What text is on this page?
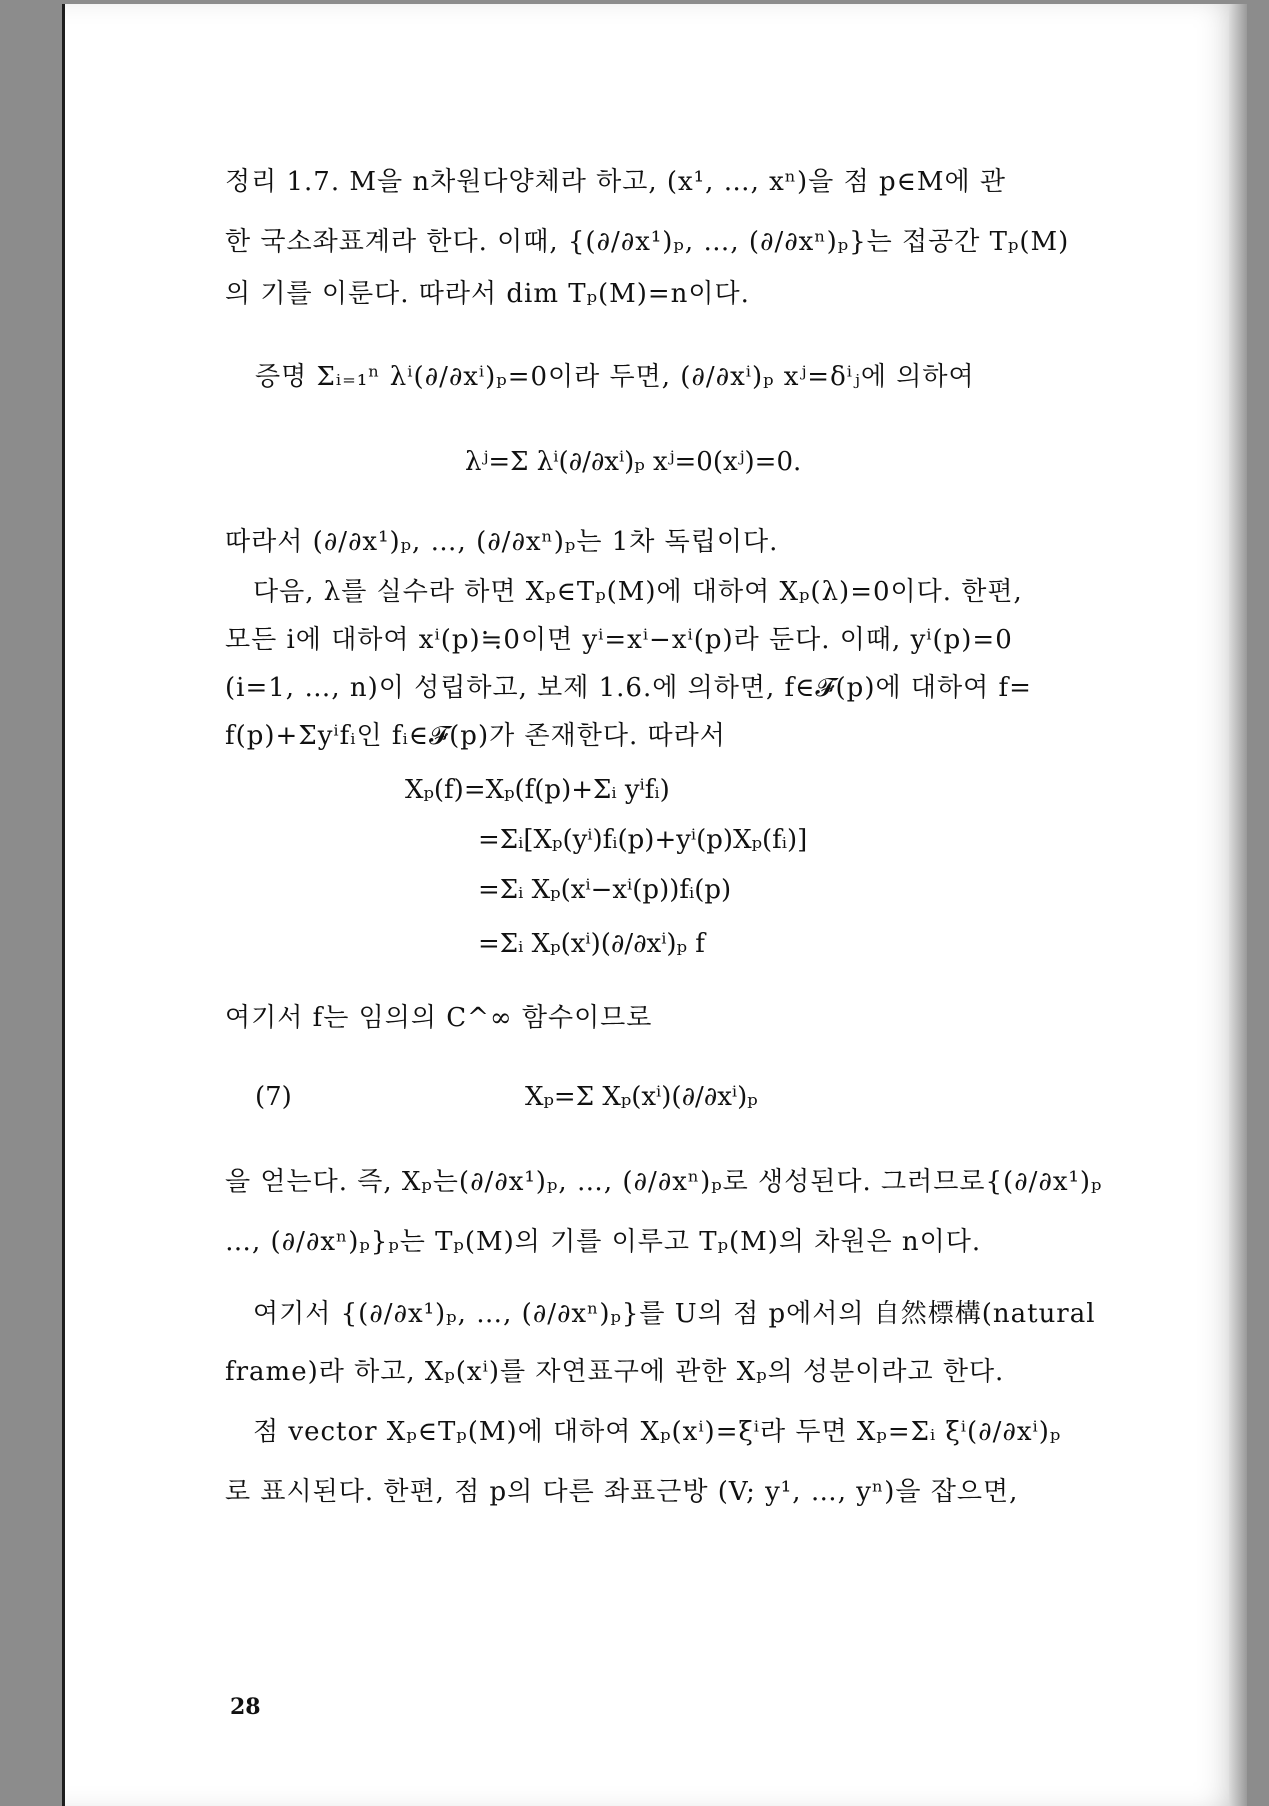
정리 1.7. M을 n차원다양체라 하고, (x¹, …, xⁿ)을 점 p∈M에 관
한 국소좌표계라 한다. 이때, {(∂/∂x¹)ₚ, …, (∂/∂xⁿ)ₚ}는 접공간 Tₚ(M)
의 기를 이룬다. 따라서 dim Tₚ(M)=n이다.
증명 Σᵢ₌₁ⁿ λⁱ(∂/∂xⁱ)ₚ=0이라 두면, (∂/∂xⁱ)ₚ xʲ=δⁱⱼ에 의하여
λʲ=Σ λⁱ(∂/∂xⁱ)ₚ xʲ=0(xʲ)=0.
따라서 (∂/∂x¹)ₚ, …, (∂/∂xⁿ)ₚ는 1차 독립이다.
다음, λ를 실수라 하면 Xₚ∈Tₚ(M)에 대하여 Xₚ(λ)=0이다. 한편,
모든 i에 대하여 xⁱ(p)≒0이면 yⁱ=xⁱ−xⁱ(p)라 둔다. 이때, yⁱ(p)=0
(i=1, …, n)이 성립하고, 보제 1.6.에 의하면, f∈𝓕(p)에 대하여 f=
f(p)+Σyⁱfᵢ인 fᵢ∈𝓕(p)가 존재한다. 따라서
Xₚ(f)=Xₚ(f(p)+Σᵢ yⁱfᵢ)
=Σᵢ[Xₚ(yⁱ)fᵢ(p)+yⁱ(p)Xₚ(fᵢ)]
=Σᵢ Xₚ(xⁱ−xⁱ(p))fᵢ(p)
=Σᵢ Xₚ(xⁱ)(∂/∂xⁱ)ₚ f
여기서 f는 임의의 C^∞ 함수이므로
(7)	Xₚ=Σ Xₚ(xⁱ)(∂/∂xⁱ)ₚ
을 얻는다. 즉, Xₚ는(∂/∂x¹)ₚ, …, (∂/∂xⁿ)ₚ로 생성된다. 그러므로{(∂/∂x¹)ₚ
…, (∂/∂xⁿ)ₚ}ₚ는 Tₚ(M)의 기를 이루고 Tₚ(M)의 차원은 n이다.
여기서 {(∂/∂x¹)ₚ, …, (∂/∂xⁿ)ₚ}를 U의 점 p에서의 自然標構(natural
frame)라 하고, Xₚ(xⁱ)를 자연표구에 관한 Xₚ의 성분이라고 한다.
점 vector Xₚ∈Tₚ(M)에 대하여 Xₚ(xⁱ)=ξⁱ라 두면 Xₚ=Σᵢ ξⁱ(∂/∂xⁱ)ₚ
로 표시된다. 한편, 점 p의 다른 좌표근방 (V; y¹, …, yⁿ)을 잡으면,
28
